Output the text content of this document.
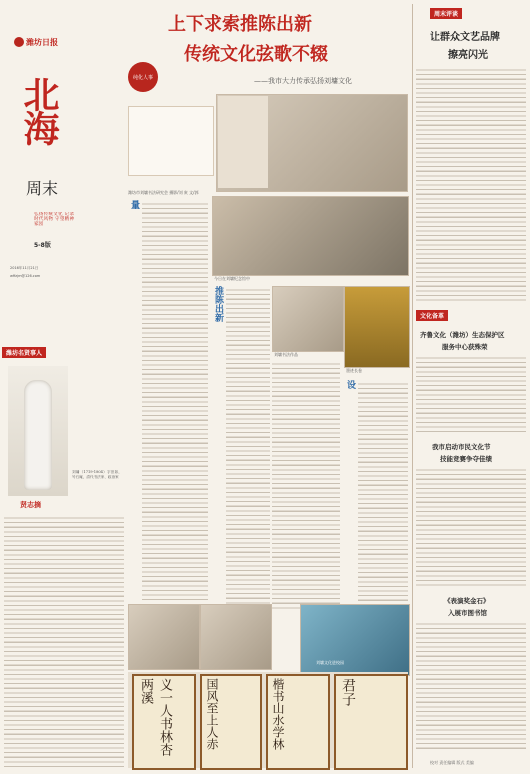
潍坊日报
北海
周末
弘扬传统文化 记录时代风物 守望精神家园
5-8版
2016年11月21日
wffzjm@126.com
潍坊名贤事人
刘墉（1719-1804）字崇如，号石庵，清代书法家、政治家
贤志摘
上下求索推陈出新
传统文化弦歌不辍
——我市大力传承弘扬刘墉文化
纯化人事
潍坊市刘墉书法研究会 摄影/刘 寅 文/郭
量
今日在刘墉纪念馆中
推陈出新
刘墉书法作品
墨迹长卷
设
刘墉文化进校园
义一人书林杏两溪	国风至上人赤	楷书山水学林	君子
周末评谈
让群众文艺品牌
擦亮闪光
文化备革
齐鲁文化（潍坊）生态保护区
服务中心获殊荣
我市启动市民文化节
技能竞赛争夺佳绩
《表演奖金石》
入展市图书馆
校对 责任编辑 版式 美编
